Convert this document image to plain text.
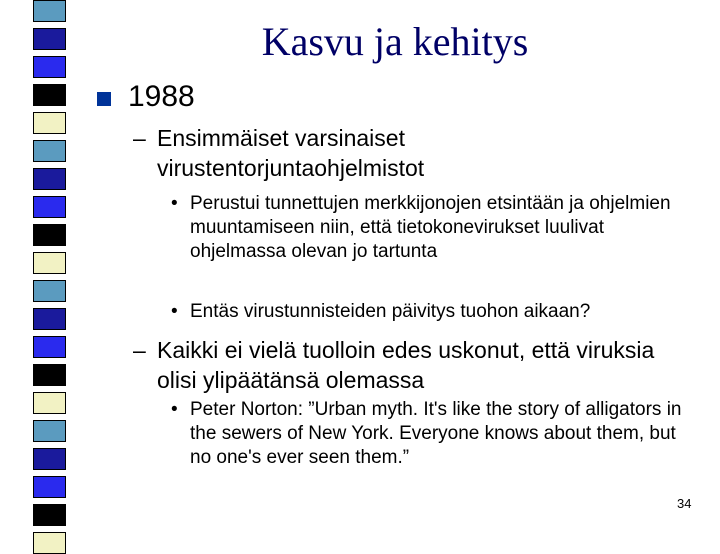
Kasvu ja kehitys
1988
– Ensimmäiset varsinaiset virustentorjuntaohjelmistot
• Perustui tunnettujen merkkijonojen etsintään ja ohjelmien muuntamiseen niin, että tietokonevirukset luulivat ohjelmassa olevan jo tartunta
• Entäs virustunnisteiden päivitys tuohon aikaan?
– Kaikki ei vielä tuolloin edes uskonut, että viruksia olisi ylipäätänsä olemassa
• Peter Norton: ”Urban myth. It's like the story of alligators in the sewers of New York. Everyone knows about them, but no one's ever seen them.”
34
